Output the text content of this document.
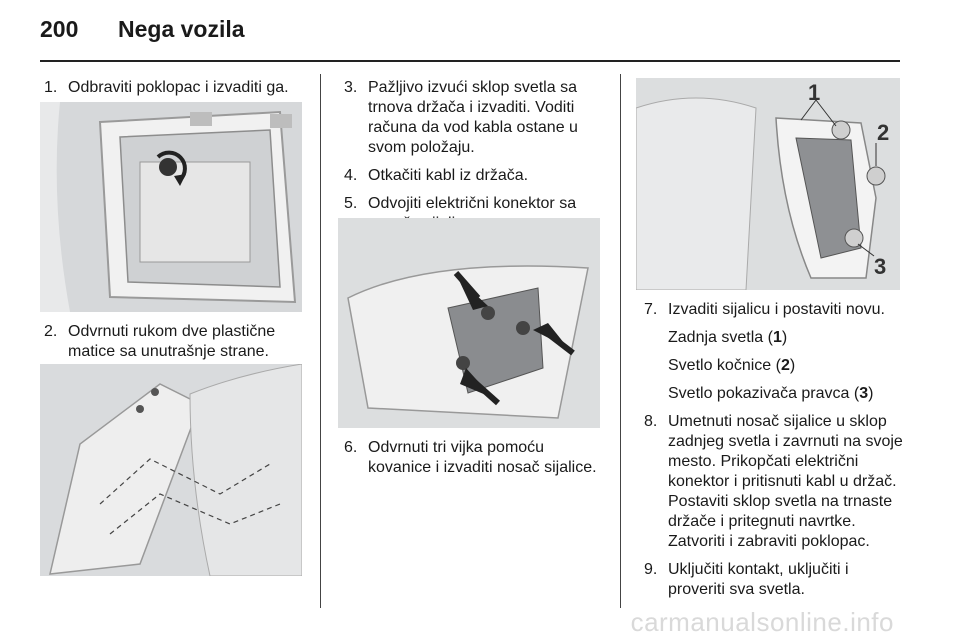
200 Nega vozila
1. Odbraviti poklopac i izvaditi ga.
2. Odvrnuti rukom dve plastične matice sa unutrašnje strane.
3. Pažljivo izvući sklop svetla sa trnova držača i izvaditi. Voditi računa da vod kabla ostane u svom položaju.
4. Otkačiti kabl iz držača.
5. Odvojiti električni konektor sa
6. Odvrnuti tri vijka pomoću kovanice i izvaditi nosač sijalice.
1
2
3
7. Izvaditi sijalicu i postaviti novu.
Zadnja svetla (1)
Svetlo kočnice (2)
Svetlo pokazivača pravca (3)
8. Umetnuti nosač sijalice u sklop zadnjeg svetla i zavrnuti na svoje mesto. Prikopčati električni konektor i pritisnuti kabl u držač. Postaviti sklop svetla na trnaste držače i pritegnuti navrtke. Zatvoriti i zabraviti poklopac.
9. Uključiti kontakt, uključiti i proveriti sva svetla.
carmanualsonline.info
